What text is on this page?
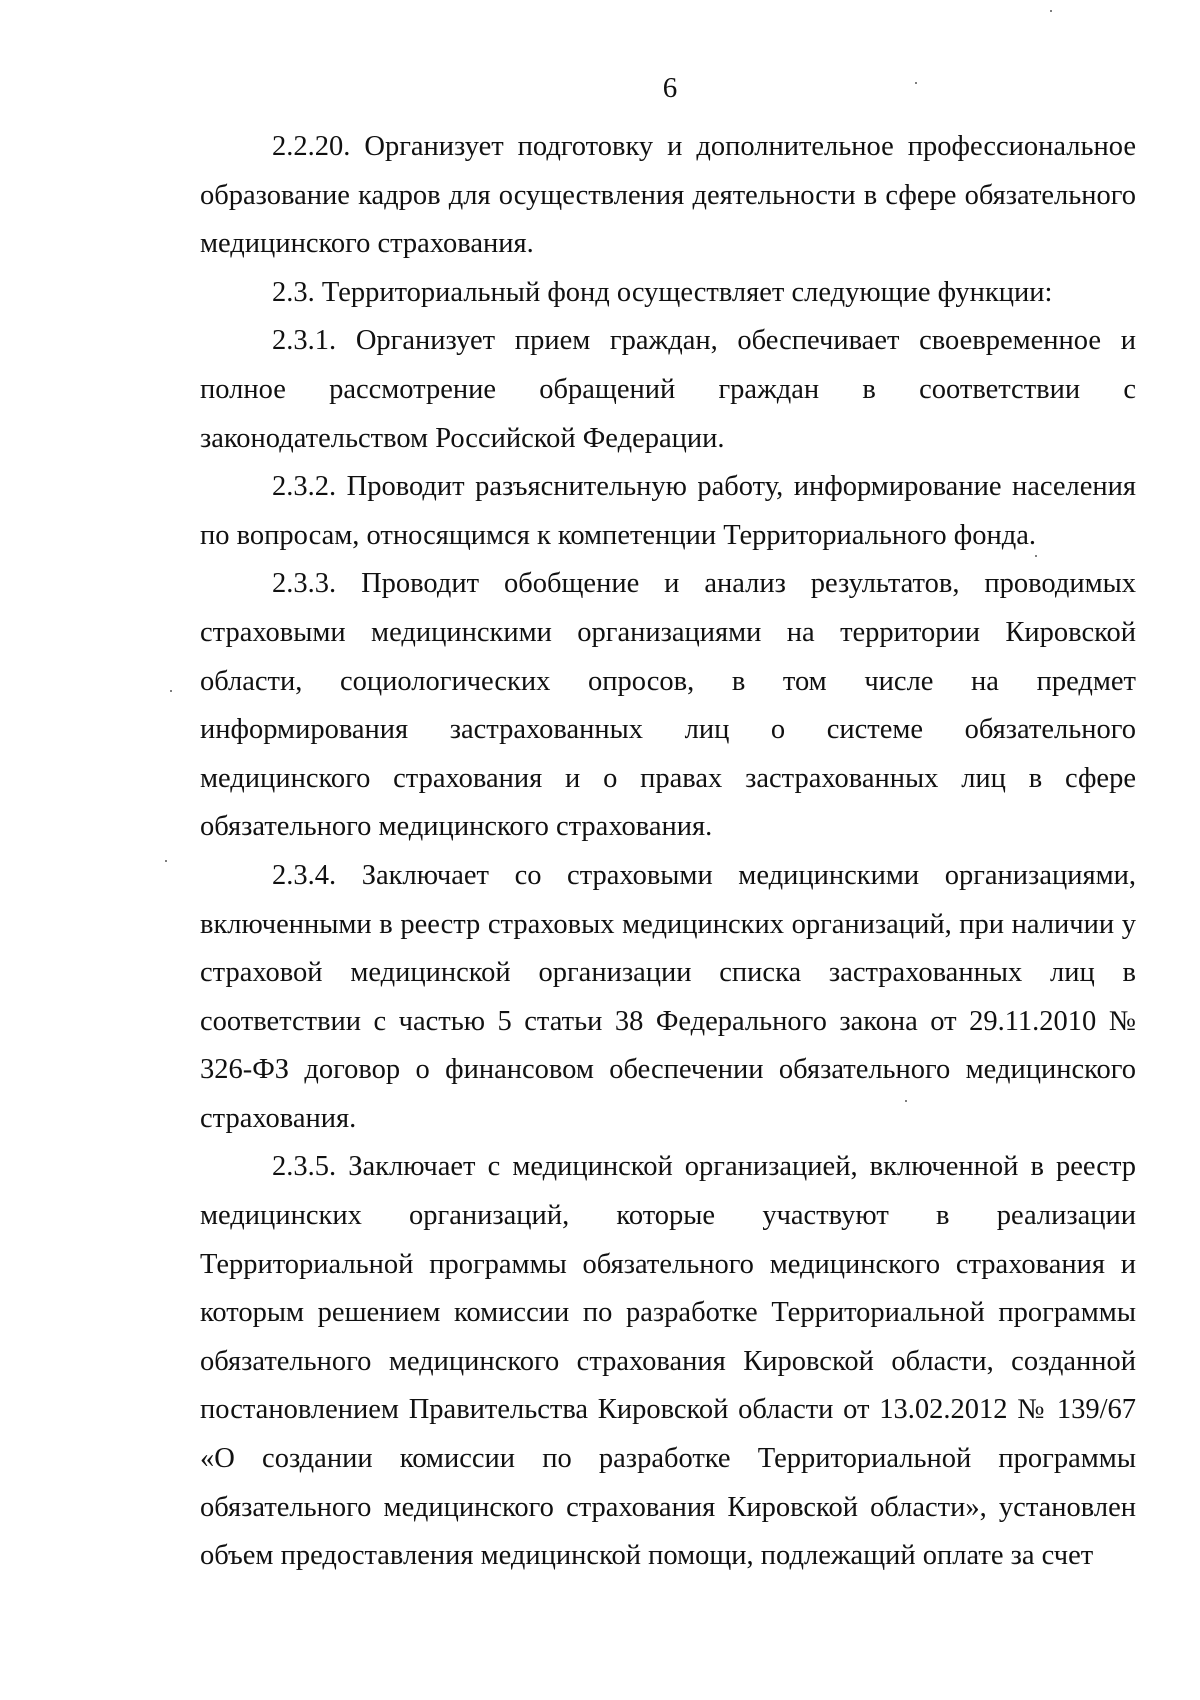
6

2.2.20. Организует подготовку и дополнительное профессиональное образование кадров для осуществления деятельности в сфере обязательного медицинского страхования.

2.3. Территориальный фонд осуществляет следующие функции:

2.3.1. Организует прием граждан, обеспечивает своевременное и полное рассмотрение обращений граждан в соответствии с законодательством Российской Федерации.

2.3.2. Проводит разъяснительную работу, информирование населения по вопросам, относящимся к компетенции Территориального фонда.

2.3.3. Проводит обобщение и анализ результатов, проводимых страховыми медицинскими организациями на территории Кировской области, социологических опросов, в том числе на предмет информирования застрахованных лиц о системе обязательного медицинского страхования и о правах застрахованных лиц в сфере обязательного медицинского страхования.

2.3.4. Заключает со страховыми медицинскими организациями, включенными в реестр страховых медицинских организаций, при наличии у страховой медицинской организации списка застрахованных лиц в соответствии с частью 5 статьи 38 Федерального закона от 29.11.2010 № 326-ФЗ договор о финансовом обеспечении обязательного медицинского страхования.

2.3.5. Заключает с медицинской организацией, включенной в реестр медицинских организаций, которые участвуют в реализации Территориальной программы обязательного медицинского страхования и которым решением комиссии по разработке Территориальной программы обязательного медицинского страхования Кировской области, созданной постановлением Правительства Кировской области от 13.02.2012 № 139/67 «О создании комиссии по разработке Территориальной программы обязательного медицинского страхования Кировской области», установлен объем предоставления медицинской помощи, подлежащий оплате за счет
